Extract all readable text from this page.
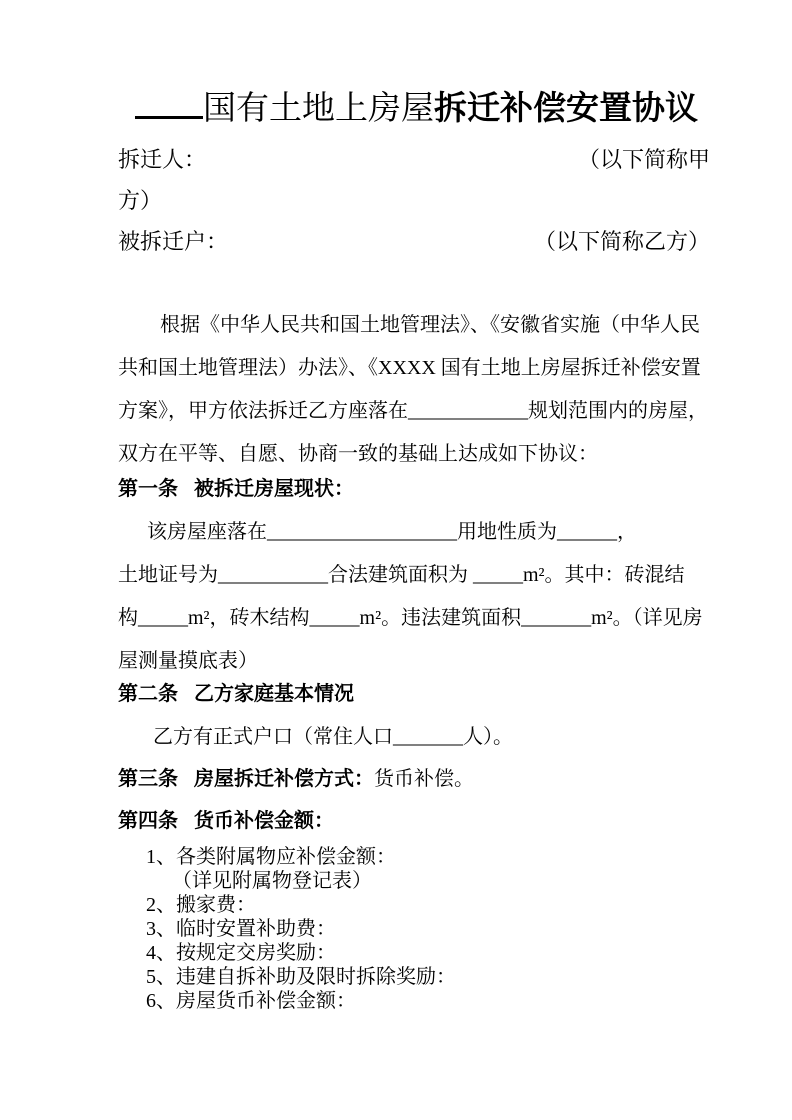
国有土地上房屋拆迁补偿安置协议
拆迁人：	（以下简称甲
方）
被拆迁户：	（以下简称乙方）
根据《中华人民共和国土地管理法》、《安徽省实施（中华人民
共和国土地管理法）办法》、《XXXX 国有土地上房屋拆迁补偿安置
方案》，甲方依法拆迁乙方座落在____________规划范围内的房屋，
双方在平等、自愿、协商一致的基础上达成如下协议：
第一条 被拆迁房屋现状：
该房屋座落在___________________用地性质为______，
土地证号为___________合法建筑面积为 _____m²。其中：砖混结
构_____m²，砖木结构_____m²。违法建筑面积_______m²。（详见房
屋测量摸底表）
第二条 乙方家庭基本情况
乙方有正式户口（常住人口_______人）。
第三条 房屋拆迁补偿方式：货币补偿。
第四条 货币补偿金额：
1、各类附属物应补偿金额：
（详见附属物登记表）
2、搬家费：
3、临时安置补助费：
4、按规定交房奖励：
5、违建自拆补助及限时拆除奖励：
6、房屋货币补偿金额：
